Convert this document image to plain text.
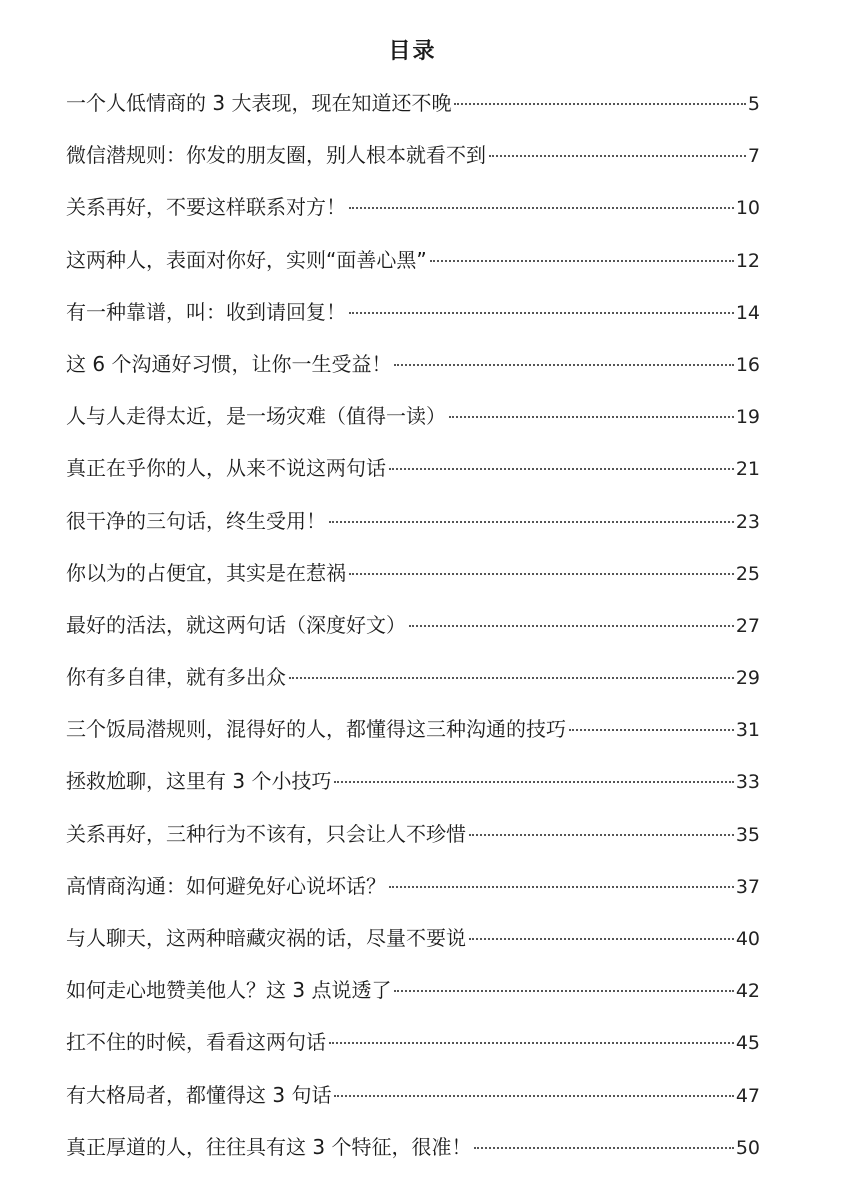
目录
一个人低情商的 3 大表现，现在知道还不晚	5
微信潜规则：你发的朋友圈，别人根本就看不到	7
关系再好，不要这样联系对方！	10
这两种人，表面对你好，实则“面善心黑”	12
有一种靠谱，叫：收到请回复！	14
这 6 个沟通好习惯，让你一生受益！	16
人与人走得太近，是一场灾难（值得一读）	19
真正在乎你的人，从来不说这两句话	21
很干净的三句话，终生受用！	23
你以为的占便宜，其实是在惹祸	25
最好的活法，就这两句话（深度好文）	27
你有多自律，就有多出众	29
三个饭局潜规则，混得好的人，都懂得这三种沟通的技巧	31
拯救尬聊，这里有 3 个小技巧	33
关系再好，三种行为不该有，只会让人不珍惜	35
高情商沟通：如何避免好心说坏话？	37
与人聊天，这两种暗藏灾祸的话，尽量不要说	40
如何走心地赞美他人？这 3 点说透了	42
扛不住的时候，看看这两句话	45
有大格局者，都懂得这 3 句话	47
真正厚道的人，往往具有这 3 个特征，很准！	50
